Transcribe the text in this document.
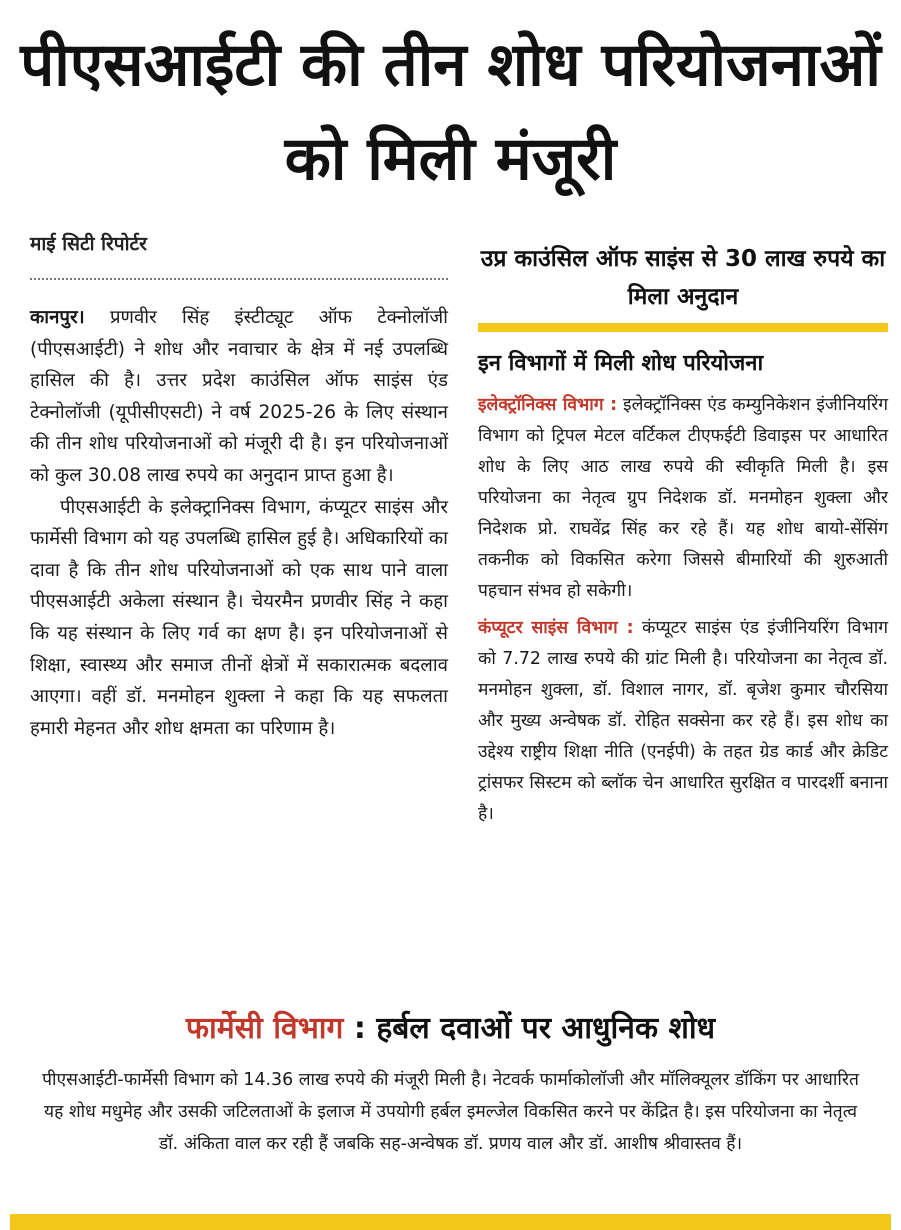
पीएसआईटी की तीन शोध परियोजनाओं को मिली मंजूरी
माई सिटी रिपोर्टर
उप्र काउंसिल ऑफ साइंस से 30 लाख रुपये का मिला अनुदान

कानपुर। प्रणवीर सिंह इंस्टीट्यूट ऑफ टेक्नोलॉजी (पीएसआईटी) ने शोध और नवाचार के क्षेत्र में नई उपलब्धि हासिल की है। उत्तर प्रदेश काउंसिल ऑफ साइंस एंड टेक्नोलॉजी (यूपीसीएसटी) ने वर्ष 2025-26 के लिए संस्थान की तीन शोध परियोजनाओं को मंजूरी दी है। इन परियोजनाओं को कुल 30.08 लाख रुपये का अनुदान प्राप्त हुआ है।

पीएसआईटी के इलेक्ट्रानिक्स विभाग, कंप्यूटर साइंस और फार्मेसी विभाग को यह उपलब्धि हासिल हुई है। अधिकारियों का दावा है कि तीन शोध परियोजनाओं को एक साथ पाने वाला पीएसआईटी अकेला संस्थान है। चेयरमैन प्रणवीर सिंह ने कहा कि यह संस्थान के लिए गर्व का क्षण है। इन परियोजनाओं से शिक्षा, स्वास्थ्य और समाज तीनों क्षेत्रों में सकारात्मक बदलाव आएगा। वहीं डॉ. मनमोहन शुक्ला ने कहा कि यह सफलता हमारी मेहनत और शोध क्षमता का परिणाम है।

इन विभागों में मिली शोध परियोजना

इलेक्ट्रॉनिक्स विभाग : इलेक्ट्रॉनिक्स एंड कम्युनिकेशन इंजीनियरिंग विभाग को ट्रिपल मेटल वर्टिकल टीएफईटी डिवाइस पर आधारित शोध के लिए आठ लाख रुपये की स्वीकृति मिली है। इस परियोजना का नेतृत्व ग्रुप निदेशक डॉ. मनमोहन शुक्ला और निदेशक प्रो. राघवेंद्र सिंह कर रहे हैं। यह शोध बायो-सेंसिंग तकनीक को विकसित करेगा जिससे बीमारियों की शुरुआती पहचान संभव हो सकेगी।

कंप्यूटर साइंस विभाग : कंप्यूटर साइंस एंड इंजीनियरिंग विभाग को 7.72 लाख रुपये की ग्रांट मिली है। परियोजना का नेतृत्व डॉ. मनमोहन शुक्ला, डॉ. विशाल नागर, डॉ. बृजेश कुमार चौरसिया और मुख्य अन्वेषक डॉ. रोहित सक्सेना कर रहे हैं। इस शोध का उद्देश्य राष्ट्रीय शिक्षा नीति (एनईपी) के तहत ग्रेड कार्ड और क्रेडिट ट्रांसफर सिस्टम को ब्लॉक चेन आधारित सुरक्षित व पारदर्शी बनाना है।

फार्मेसी विभाग : हर्बल दवाओं पर आधुनिक शोध
पीएसआईटी-फार्मेसी विभाग को 14.36 लाख रुपये की मंजूरी मिली है। नेटवर्क फार्माकोलॉजी और मॉलिक्यूलर डॉकिंग पर आधारित यह शोध मधुमेह और उसकी जटिलताओं के इलाज में उपयोगी हर्बल इमल्जेल विकसित करने पर केंद्रित है। इस परियोजना का नेतृत्व डॉ. अंकिता वाल कर रही हैं जबकि सह-अन्वेषक डॉ. प्रणय वाल और डॉ. आशीष श्रीवास्तव हैं।
